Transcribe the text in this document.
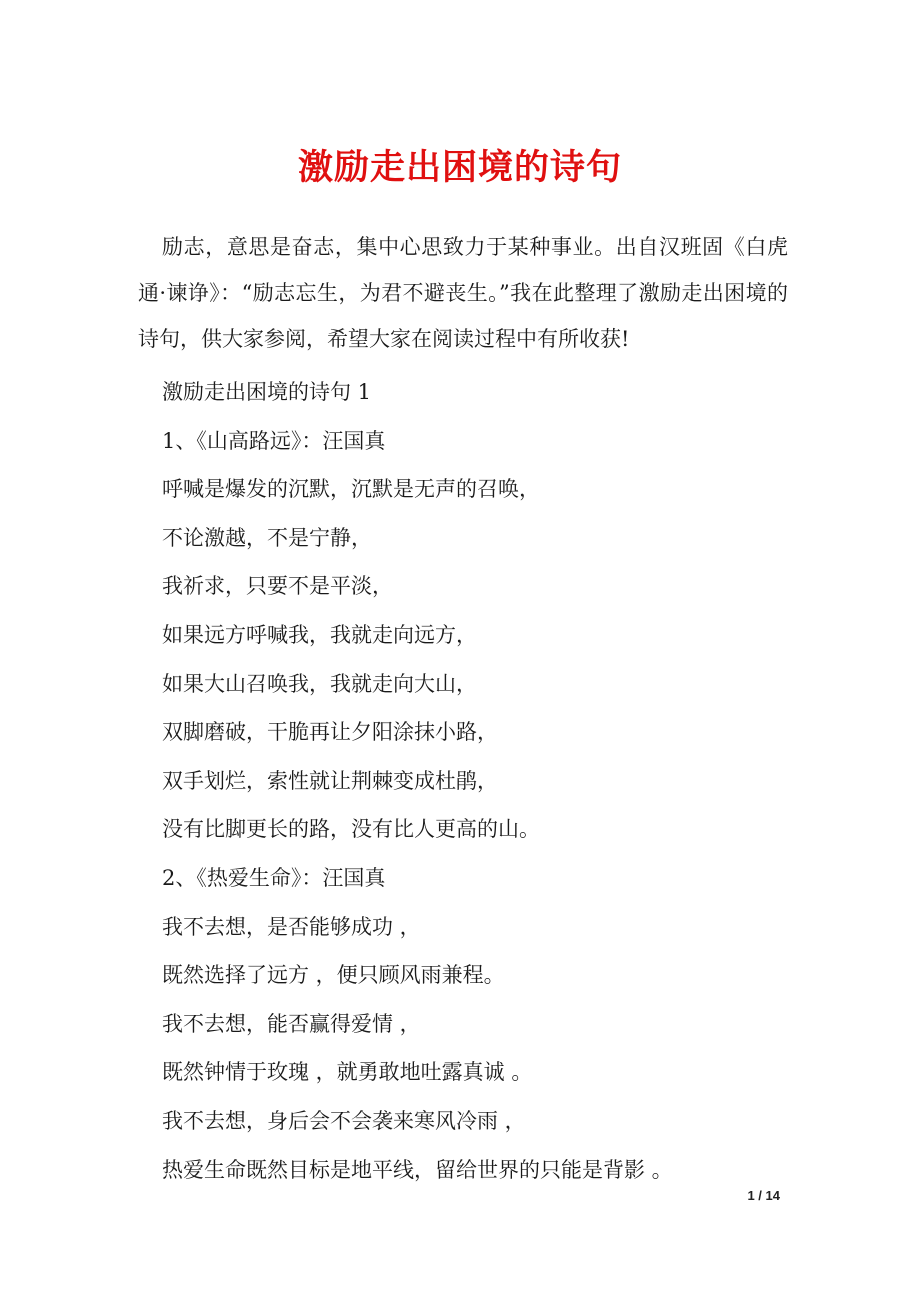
激励走出困境的诗句

励志，意思是奋志，集中心思致力于某种事业。出自汉班固《白虎通·谏诤》：“励志忘生，为君不避丧生。”我在此整理了激励走出困境的诗句，供大家参阅，希望大家在阅读过程中有所收获!

激励走出困境的诗句 1
1、《山高路远》：汪国真
呼喊是爆发的沉默，沉默是无声的召唤，
不论激越，不是宁静，
我祈求，只要不是平淡，
如果远方呼喊我，我就走向远方，
如果大山召唤我，我就走向大山，
双脚磨破，干脆再让夕阳涂抹小路，
双手划烂，索性就让荆棘变成杜鹃，
没有比脚更长的路，没有比人更高的山。
2、《热爱生命》：汪国真
我不去想，是否能够成功 ，
既然选择了远方 ，便只顾风雨兼程。
我不去想，能否赢得爱情 ，
既然钟情于玫瑰 ，就勇敢地吐露真诚 。
我不去想，身后会不会袭来寒风冷雨 ，
热爱生命既然目标是地平线，留给世界的只能是背影 。
1 / 14
